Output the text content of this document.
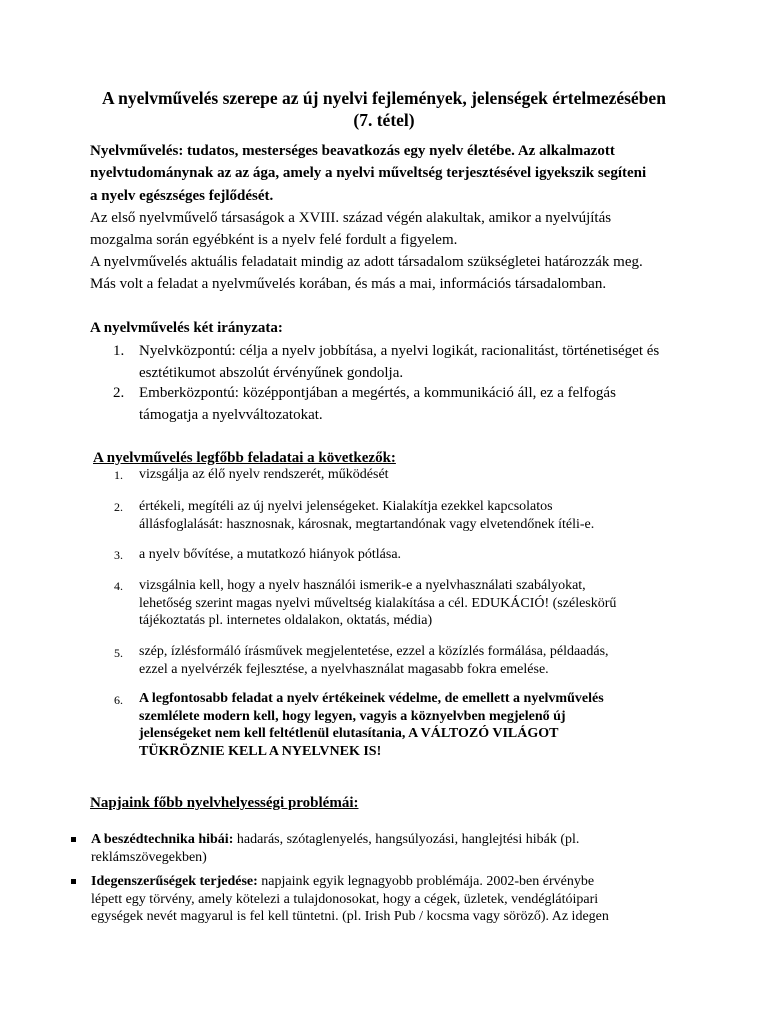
A nyelvművelés szerepe az új nyelvi fejlemények, jelenségek értelmezésében
(7. tétel)
Nyelvművelés: tudatos, mesterséges beavatkozás egy nyelv életébe. Az alkalmazott
nyelvtudománynak az az ága, amely a nyelvi műveltség terjesztésével igyekszik segíteni
a nyelv egészséges fejlődését.
Az első nyelvművelő társaságok a XVIII. század végén alakultak, amikor a nyelvújítás
mozgalma során egyébként is a nyelv felé fordult a figyelem.
A nyelvművelés aktuális feladatait mindig az adott társadalom szükségletei határozzák meg.
Más volt a feladat a nyelvművelés korában, és más a mai, információs társadalomban.
A nyelvművelés két irányzata:
1. Nyelvközpontú: célja a nyelv jobbítása, a nyelvi logikát, racionalitást, történetiséget és
esztétikumot abszolút érvényűnek gondolja.
2. Emberközpontú: középpontjában a megértés, a kommunikáció áll, ez a felfogás
támogatja a nyelvváltozatokat.
A nyelvművelés legfőbb feladatai a következők:
1. vizsgálja az élő nyelv rendszerét, működését
2. értékeli, megítéli az új nyelvi jelenségeket. Kialakítja ezekkel kapcsolatos
állásfoglalását: hasznosnak, károsnak, megtartandónak vagy elvetendőnek ítéli-e.
3. a nyelv bővítése, a mutatkozó hiányok pótlása.
4. vizsgálnia kell, hogy a nyelv használói ismerik-e a nyelvhasználati szabályokat,
lehetőség szerint magas nyelvi műveltség kialakítása a cél. EDUKÁCIÓ! (széleskörű
tájékoztatás pl. internetes oldalakon, oktatás, média)
5. szép, ízlésformáló írásművek megjelentetése, ezzel a közízlés formálása, példaadás,
ezzel a nyelvérzék fejlesztése, a nyelvhasználat magasabb fokra emelése.
6. A legfontosabb feladat a nyelv értékeinek védelme, de emellett a nyelvművelés
szemlélete modern kell, hogy legyen, vagyis a köznyelvben megjelenő új
jelenségeket nem kell feltétlenül elutasítania, A VÁLTOZÓ VILÁGOT
TÜKRÖZNIE KELL A NYELVNEK IS!
Napjaink főbb nyelvhelyességi problémái:
A beszédtechnika hibái: hadarás, szótaglenyelés, hangsúlyozási, hanglejtési hibák (pl.
reklámszövegekben)
Idegenszerűségek terjedése: napjaink egyik legnagyobb problémája. 2002-ben érvénybe
lépett egy törvény, amely kötelezi a tulajdonosokat, hogy a cégek, üzletek, vendéglátóipari
egységek nevét magyarul is fel kell tüntetni. (pl. Irish Pub / kocsma vagy söröző). Az idegen
